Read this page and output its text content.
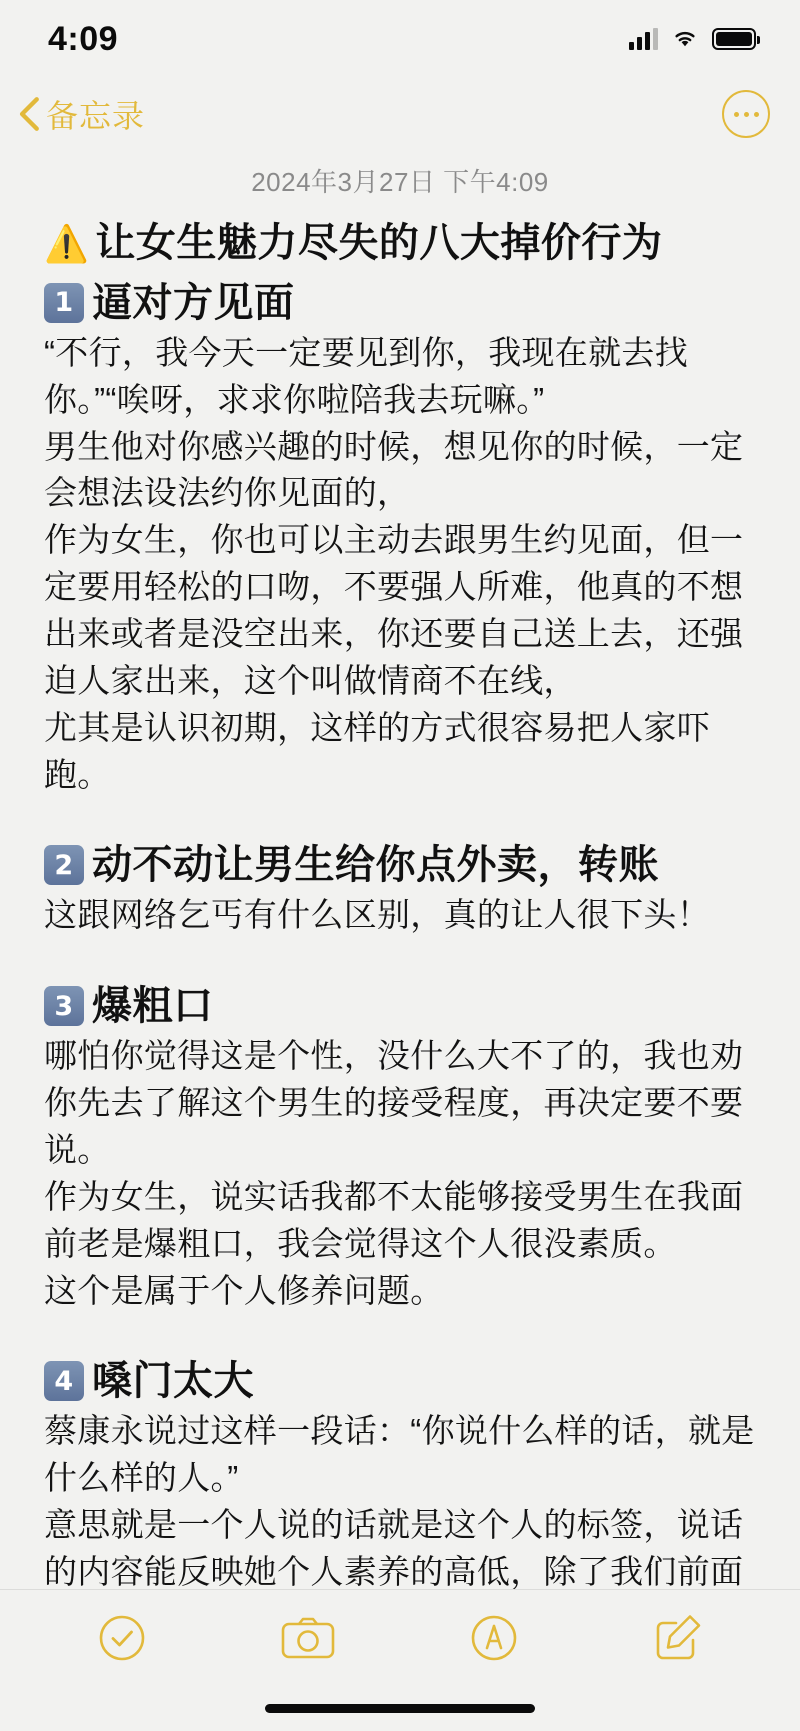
4:09
备忘录
2024年3月27日 下午4:09
⚠️ 让女生魅力尽失的八大掉价行为
1 逼对方见面
“不行，我今天一定要见到你，我现在就去找你。”“唉呀，求求你啦陪我去玩嘛。”
男生他对你感兴趣的时候，想见你的时候，一定会想法设法约你见面的，
作为女生，你也可以主动去跟男生约见面，但一定要用轻松的口吻，不要强人所难，他真的不想出来或者是没空出来，你还要自己送上去，还强迫人家出来，这个叫做情商不在线，
尤其是认识初期，这样的方式很容易把人家吓跑。
2 动不动让男生给你点外卖，转账
这跟网络乞丐有什么区别，真的让人很下头！
3 爆粗口
哪怕你觉得这是个性，没什么大不了的，我也劝你先去了解这个男生的接受程度，再决定要不要说。
作为女生，说实话我都不太能够接受男生在我面前老是爆粗口，我会觉得这个人很没素质。
这个是属于个人修养问题。
4 嗓门太大
蔡康永说过这样一段话：“你说什么样的话，就是什么样的人。”
意思就是一个人说的话就是这个人的标签，说话的内容能反映她个人素养的高低，除了我们前面
